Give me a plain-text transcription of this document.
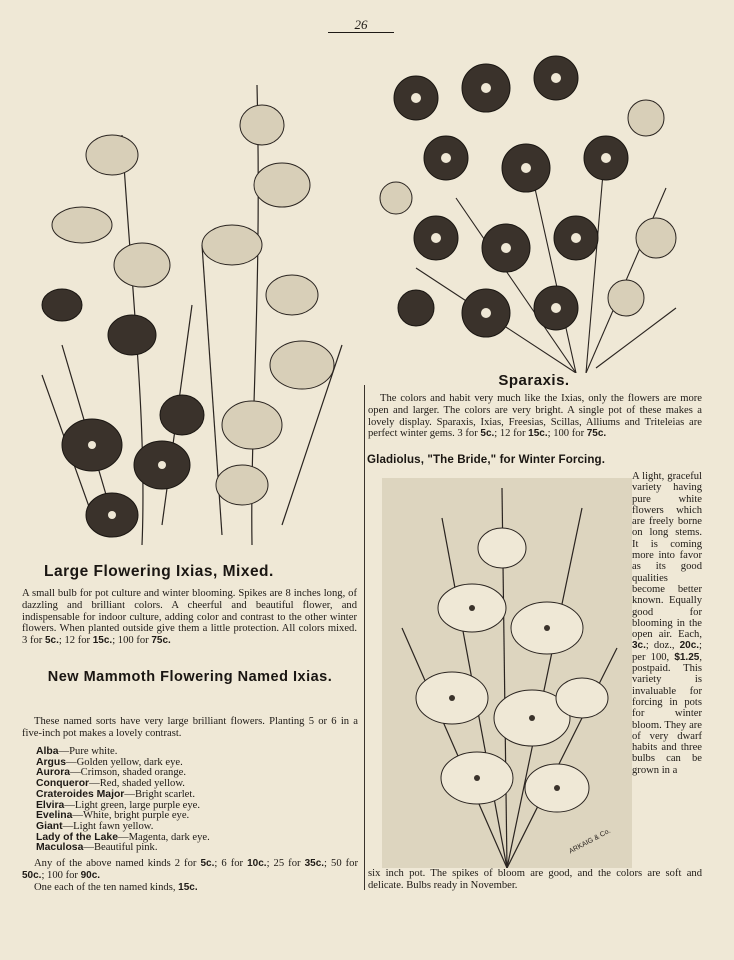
26
ARKAIG & Co.
Large Flowering Ixias, Mixed.

A small bulb for pot culture and winter blooming. Spikes are 8 inches long, of dazzling and brilliant colors. A cheerful and beautiful flower, and indispensable for indoor culture, adding color and contrast to the other winter flowers. When planted outside give them a little protection. All colors mixed. 3 for 5c.; 12 for 15c.; 100 for 75c.

New Mammoth Flowering Named Ixias.

These named sorts have very large brilliant flowers. Planting 5 or 6 in a five-inch pot makes a lovely contrast.

Alba—Pure white.
Argus—Golden yellow, dark eye.
Aurora—Crimson, shaded orange.
Conqueror—Red, shaded yellow.
Crateroides Major—Bright scarlet.
Elvira—Light green, large purple eye.
Evelina—White, bright purple eye.
Giant—Light fawn yellow.
Lady of the Lake—Magenta, dark eye.
Maculosa—Beautiful pink.

Any of the above named kinds 2 for 5c.; 6 for 10c.; 25 for 35c.; 50 for 50c.; 100 for 90c.

One each of the ten named kinds, 15c.

Sparaxis.

The colors and habit very much like the Ixias, only the flowers are more open and larger. The colors are very bright. A single pot of these makes a lovely display. Sparaxis, Ixias, Freesias, Scillas, Alliums and Triteleias are perfect winter gems. 3 for 5c.; 12 for 15c.; 100 for 75c.

Gladiolus, "The Bride," for Winter Forcing.

A light, graceful variety having pure white flowers which are freely borne on long stems. It is coming more into favor as its good qualities become better known. Equally good for blooming in the open air. Each, 3c.; doz., 20c.; per 100, $1.25, postpaid. This variety is invaluable for forcing in pots for winter bloom. They are of very dwarf habits and three bulbs can be grown in a

six inch pot. The spikes of bloom are good, and the colors are soft and delicate. Bulbs ready in November.
